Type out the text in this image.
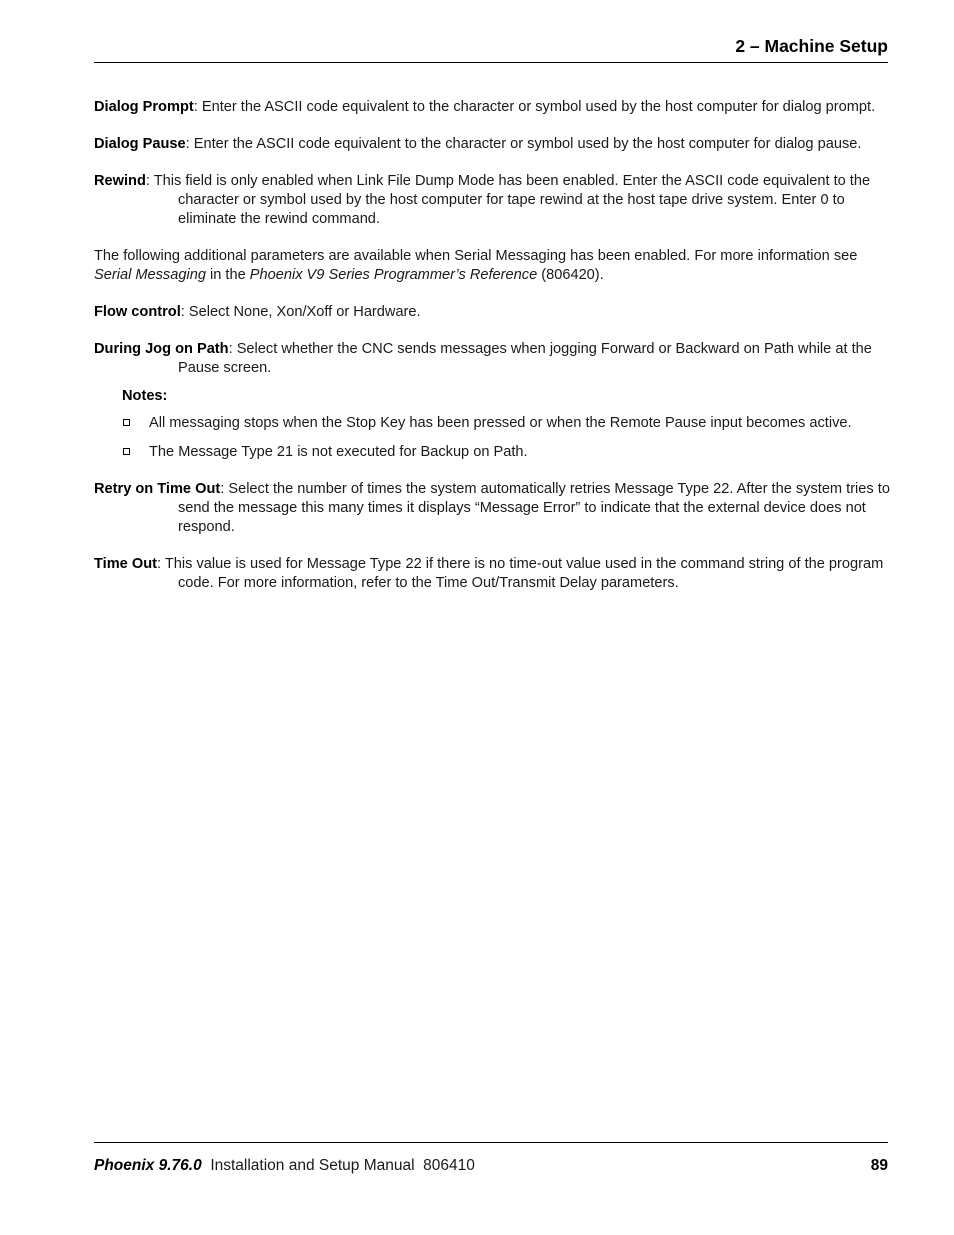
2 – Machine Setup

Dialog Prompt: Enter the ASCII code equivalent to the character or symbol used by the host computer for dialog prompt.

Dialog Pause: Enter the ASCII code equivalent to the character or symbol used by the host computer for dialog pause.

Rewind: This field is only enabled when Link File Dump Mode has been enabled. Enter the ASCII code equivalent to the character or symbol used by the host computer for tape rewind at the host tape drive system. Enter 0 to eliminate the rewind command.

The following additional parameters are available when Serial Messaging has been enabled. For more information see Serial Messaging in the Phoenix V9 Series Programmer’s Reference (806420).

Flow control: Select None, Xon/Xoff or Hardware.

During Jog on Path: Select whether the CNC sends messages when jogging Forward or Backward on Path while at the Pause screen.

Notes:
All messaging stops when the Stop Key has been pressed or when the Remote Pause input becomes active.
The Message Type 21 is not executed for Backup on Path.

Retry on Time Out: Select the number of times the system automatically retries Message Type 22. After the system tries to send the message this many times it displays “Message Error” to indicate that the external device does not respond.

Time Out: This value is used for Message Type 22 if there is no time-out value used in the command string of the program code. For more information, refer to the Time Out/Transmit Delay parameters.

Phoenix 9.76.0  Installation and Setup Manual  806410	89
